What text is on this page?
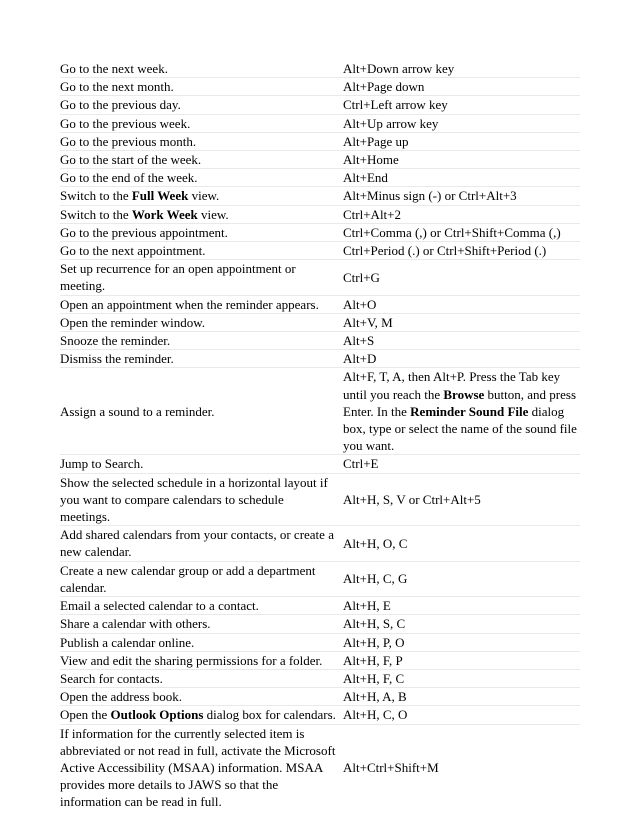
Go to the next week.	Alt+Down arrow key
Go to the next month.	Alt+Page down
Go to the previous day.	Ctrl+Left arrow key
Go to the previous week.	Alt+Up arrow key
Go to the previous month.	Alt+Page up
Go to the start of the week.	Alt+Home
Go to the end of the week.	Alt+End
Switch to the Full Week view.	Alt+Minus sign (-) or Ctrl+Alt+3
Switch to the Work Week view.	Ctrl+Alt+2
Go to the previous appointment.	Ctrl+Comma (,) or Ctrl+Shift+Comma (,)
Go to the next appointment.	Ctrl+Period (.) or Ctrl+Shift+Period (.)
Set up recurrence for an open appointment or meeting.	Ctrl+G
Open an appointment when the reminder appears.	Alt+O
Open the reminder window.	Alt+V, M
Snooze the reminder.	Alt+S
Dismiss the reminder.	Alt+D
Assign a sound to a reminder.	Alt+F, T, A, then Alt+P. Press the Tab key until you reach the Browse button, and press Enter. In the Reminder Sound File dialog box, type or select the name of the sound file you want.
Jump to Search.	Ctrl+E
Show the selected schedule in a horizontal layout if you want to compare calendars to schedule meetings.	Alt+H, S, V or Ctrl+Alt+5
Add shared calendars from your contacts, or create a new calendar.	Alt+H, O, C
Create a new calendar group or add a department calendar.	Alt+H, C, G
Email a selected calendar to a contact.	Alt+H, E
Share a calendar with others.	Alt+H, S, C
Publish a calendar online.	Alt+H, P, O
View and edit the sharing permissions for a folder.	Alt+H, F, P
Search for contacts.	Alt+H, F, C
Open the address book.	Alt+H, A, B
Open the Outlook Options dialog box for calendars.	Alt+H, C, O
If information for the currently selected item is abbreviated or not read in full, activate the Microsoft Active Accessibility (MSAA) information. MSAA provides more details to JAWS so that the information can be read in full.	Alt+Ctrl+Shift+M
